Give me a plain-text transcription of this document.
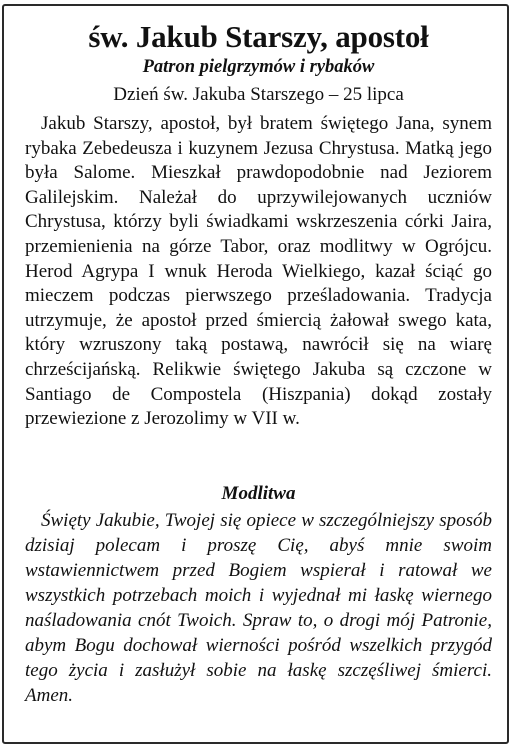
św. Jakub Starszy, apostoł
Patron pielgrzymów i rybaków
Dzień św. Jakuba Starszego – 25 lipca
Jakub Starszy, apostoł, był bratem świętego Jana, synem rybaka Zebedeusza i kuzynem Jezusa Chrystusa. Matką jego była Salome. Mieszkał prawdopodobnie nad Jeziorem Galilejskim. Należał do uprzywilejowanych uczniów Chrystusa, którzy byli świadkami wskrzeszenia córki Jaira, przemienienia na górze Tabor, oraz modlitwy w Ogrójcu. Herod Agrypa I wnuk Heroda Wielkiego, kazał ściąć go mieczem podczas pierwszego prześladowania. Tradycja utrzymuje, że apostoł przed śmiercią żałował swego kata, który wzruszony taką postawą, nawrócił się na wiarę chrześcijańską. Relikwie świętego Jakuba są czczone w Santiago de Compostela (Hiszpania) dokąd zostały przewiezione z Jerozolimy w VII w.
Modlitwa
Święty Jakubie, Twojej się opiece w szczególniejszy sposób dzisiaj polecam i proszę Cię, abyś mnie swoim wstawiennictwem przed Bogiem wspierał i ratował we wszystkich potrzebach moich i wyjednał mi łaskę wiernego naśladowania cnót Twoich. Spraw to, o drogi mój Patronie, abym Bogu dochował wierności pośród wszelkich przygód tego życia i zasłużył sobie na łaskę szczęśliwej śmierci. Amen.
